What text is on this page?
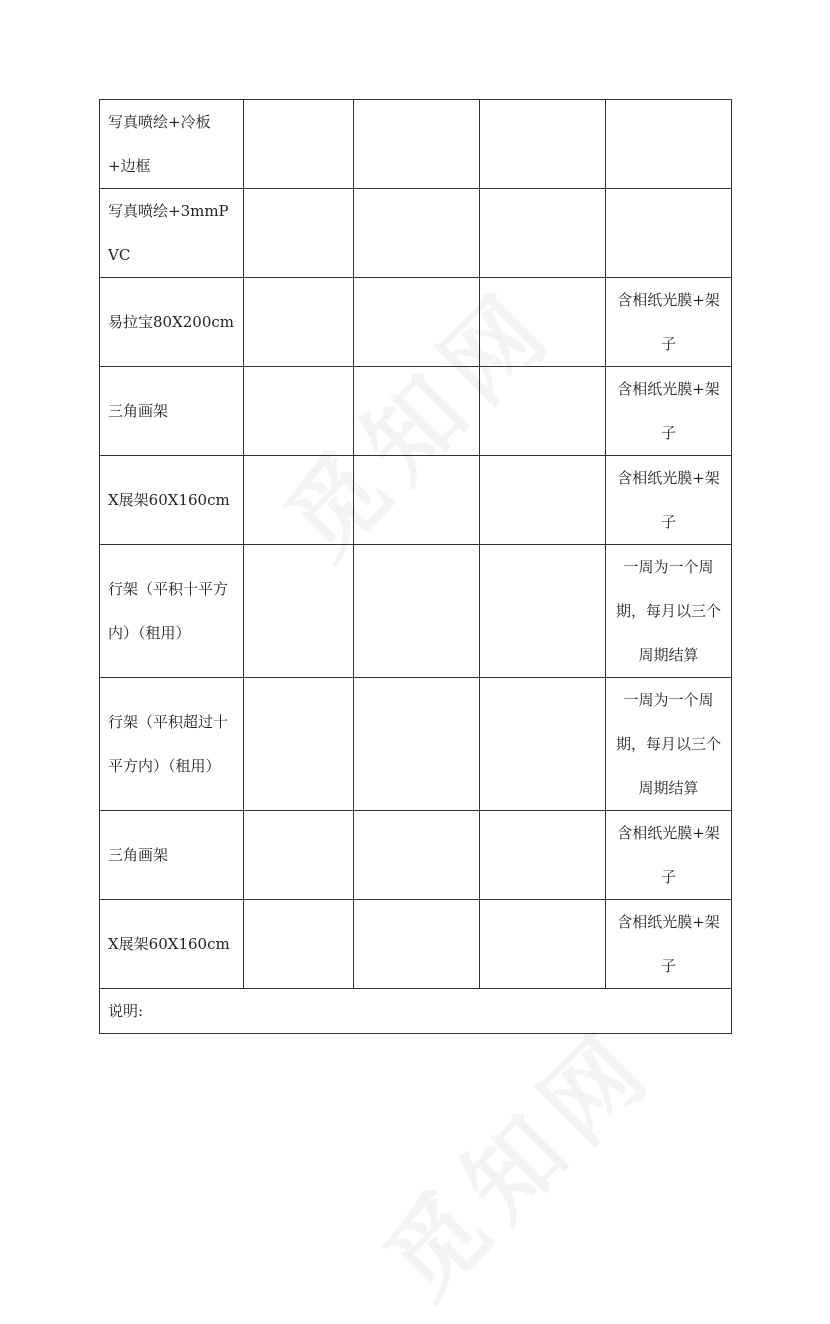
写真喷绘+冷板+边框				
写真喷绘+3mmPVC				
易拉宝80X200cm				含相纸光膜+架子
三角画架				含相纸光膜+架子
X展架60X160cm				含相纸光膜+架子
行架（平积十平方内）（租用）				一周为一个周期，每月以三个周期结算
行架（平积超过十平方内）（租用）				一周为一个周期，每月以三个周期结算
三角画架				含相纸光膜+架子
X展架60X160cm				含相纸光膜+架子
说明:				
